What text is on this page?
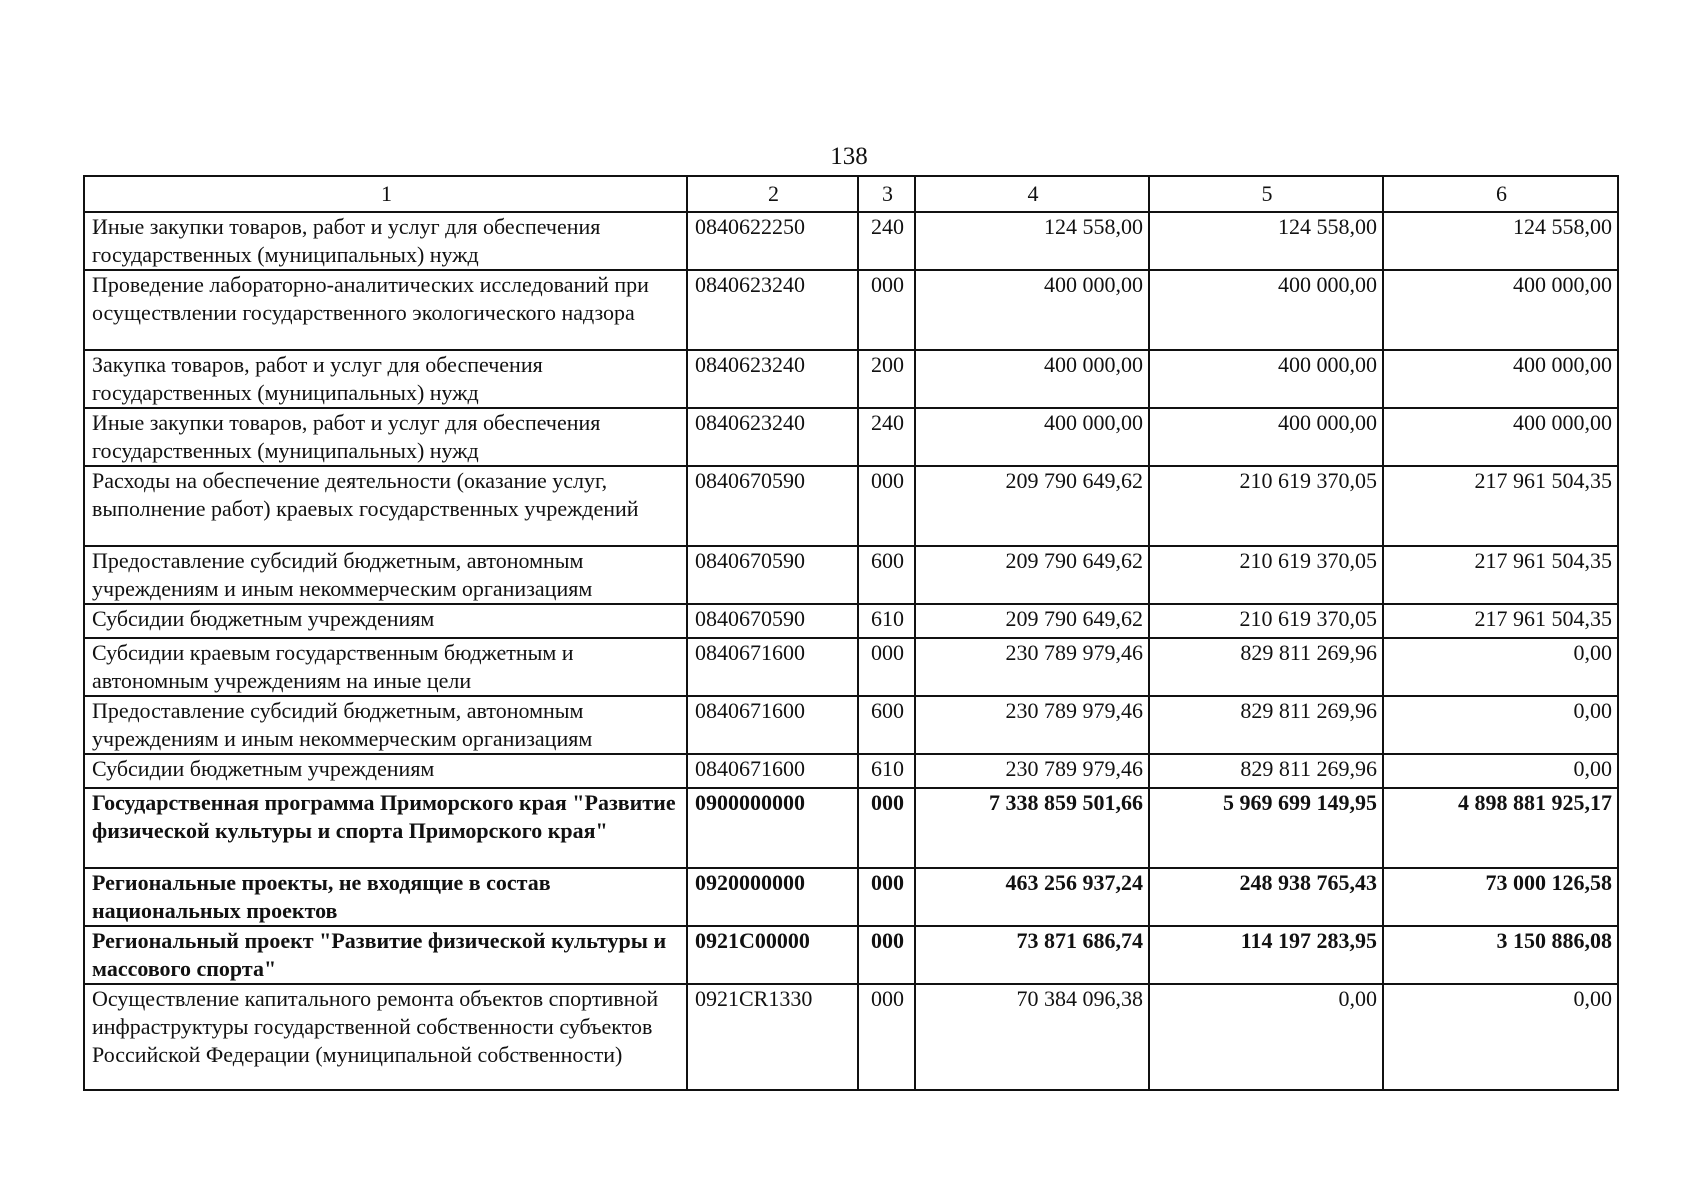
138
1	2	3	4	5	6
Иные закупки товаров, работ и услуг для обеспечения государственных (муниципальных) нужд	0840622250	240	124 558,00	124 558,00	124 558,00
Проведение лабораторно-аналитических исследований при осуществлении государственного экологического надзора	0840623240	000	400 000,00	400 000,00	400 000,00
Закупка товаров, работ и услуг для обеспечения государственных (муниципальных) нужд	0840623240	200	400 000,00	400 000,00	400 000,00
Иные закупки товаров, работ и услуг для обеспечения государственных (муниципальных) нужд	0840623240	240	400 000,00	400 000,00	400 000,00
Расходы на обеспечение деятельности (оказание услуг, выполнение работ) краевых государственных учреждений	0840670590	000	209 790 649,62	210 619 370,05	217 961 504,35
Предоставление субсидий бюджетным, автономным учреждениям и иным некоммерческим организациям	0840670590	600	209 790 649,62	210 619 370,05	217 961 504,35
Субсидии бюджетным учреждениям	0840670590	610	209 790 649,62	210 619 370,05	217 961 504,35
Субсидии краевым государственным бюджетным и автономным учреждениям на иные цели	0840671600	000	230 789 979,46	829 811 269,96	0,00
Предоставление субсидий бюджетным, автономным учреждениям и иным некоммерческим организациям	0840671600	600	230 789 979,46	829 811 269,96	0,00
Субсидии бюджетным учреждениям	0840671600	610	230 789 979,46	829 811 269,96	0,00
Государственная программа Приморского края "Развитие физической культуры и спорта Приморского края"	0900000000	000	7 338 859 501,66	5 969 699 149,95	4 898 881 925,17
Региональные проекты, не входящие в состав национальных проектов	0920000000	000	463 256 937,24	248 938 765,43	73 000 126,58
Региональный проект "Развитие физической культуры и массового спорта"	0921С00000	000	73 871 686,74	114 197 283,95	3 150 886,08
Осуществление капитального ремонта объектов спортивной инфраструктуры государственной собственности субъектов Российской Федерации (муниципальной собственности)	0921CR1330	000	70 384 096,38	0,00	0,00
